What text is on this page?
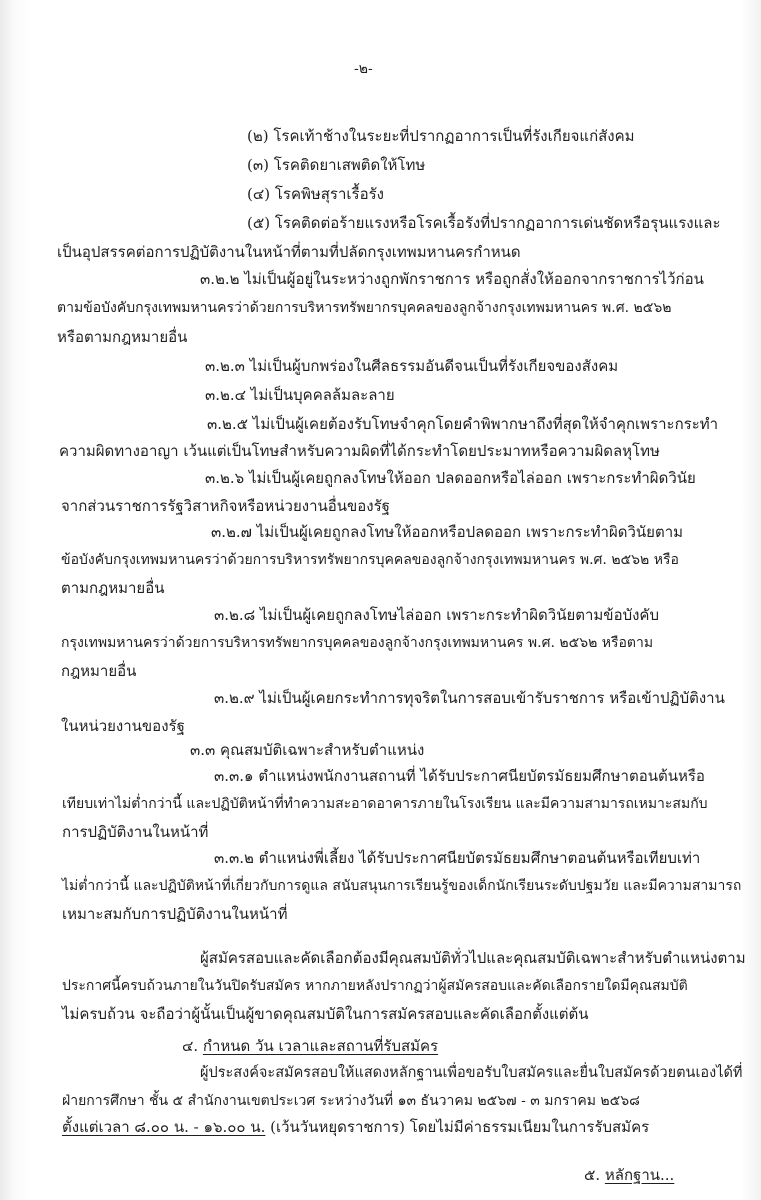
-๒-
(๒) โรคเท้าช้างในระยะที่ปรากฏอาการเป็นที่รังเกียจแก่สังคม
(๓) โรคติดยาเสพติดให้โทษ
(๔) โรคพิษสุราเรื้อรัง
(๕) โรคติดต่อร้ายแรงหรือโรคเรื้อรังที่ปรากฏอาการเด่นชัดหรือรุนแรงและ
เป็นอุปสรรคต่อการปฏิบัติงานในหน้าที่ตามที่ปลัดกรุงเทพมหานครกำหนด
๓.๒.๒ ไม่เป็นผู้อยู่ในระหว่างถูกพักราชการ หรือถูกสั่งให้ออกจากราชการไว้ก่อน
ตามข้อบังคับกรุงเทพมหานครว่าด้วยการบริหารทรัพยากรบุคคลของลูกจ้างกรุงเทพมหานคร พ.ศ. ๒๕๖๒
หรือตามกฎหมายอื่น
๓.๒.๓ ไม่เป็นผู้บกพร่องในศีลธรรมอันดีจนเป็นที่รังเกียจของสังคม
๓.๒.๔ ไม่เป็นบุคคลล้มละลาย
๓.๒.๕ ไม่เป็นผู้เคยต้องรับโทษจำคุกโดยคำพิพากษาถึงที่สุดให้จำคุกเพราะกระทำ
ความผิดทางอาญา เว้นแต่เป็นโทษสำหรับความผิดที่ได้กระทำโดยประมาทหรือความผิดลหุโทษ
๓.๒.๖ ไม่เป็นผู้เคยถูกลงโทษให้ออก ปลดออกหรือไล่ออก เพราะกระทำผิดวินัย
จากส่วนราชการรัฐวิสาหกิจหรือหน่วยงานอื่นของรัฐ
๓.๒.๗ ไม่เป็นผู้เคยถูกลงโทษให้ออกหรือปลดออก เพราะกระทำผิดวินัยตาม
ข้อบังคับกรุงเทพมหานครว่าด้วยการบริหารทรัพยากรบุคคลของลูกจ้างกรุงเทพมหานคร พ.ศ. ๒๕๖๒ หรือ
ตามกฎหมายอื่น
๓.๒.๘ ไม่เป็นผู้เคยถูกลงโทษไล่ออก เพราะกระทำผิดวินัยตามข้อบังคับ
กรุงเทพมหานครว่าด้วยการบริหารทรัพยากรบุคคลของลูกจ้างกรุงเทพมหานคร พ.ศ. ๒๕๖๒ หรือตาม
กฎหมายอื่น
๓.๒.๙ ไม่เป็นผู้เคยกระทำการทุจริตในการสอบเข้ารับราชการ หรือเข้าปฏิบัติงาน
ในหน่วยงานของรัฐ
๓.๓ คุณสมบัติเฉพาะสำหรับตำแหน่ง
๓.๓.๑ ตำแหน่งพนักงานสถานที่ ได้รับประกาศนียบัตรมัธยมศึกษาตอนต้นหรือ
เทียบเท่าไม่ต่ำกว่านี้ และปฏิบัติหน้าที่ทำความสะอาดอาคารภายในโรงเรียน และมีความสามารถเหมาะสมกับ
การปฏิบัติงานในหน้าที่
๓.๓.๒ ตำแหน่งพี่เลี้ยง ได้รับประกาศนียบัตรมัธยมศึกษาตอนต้นหรือเทียบเท่า
ไม่ต่ำกว่านี้ และปฏิบัติหน้าที่เกี่ยวกับการดูแล สนับสนุนการเรียนรู้ของเด็กนักเรียนระดับปฐมวัย และมีความสามารถ
เหมาะสมกับการปฏิบัติงานในหน้าที่
ผู้สมัครสอบและคัดเลือกต้องมีคุณสมบัติทั่วไปและคุณสมบัติเฉพาะสำหรับตำแหน่งตาม
ประกาศนี้ครบถ้วนภายในวันปิดรับสมัคร หากภายหลังปรากฏว่าผู้สมัครสอบและคัดเลือกรายใดมีคุณสมบัติ
ไม่ครบถ้วน จะถือว่าผู้นั้นเป็นผู้ขาดคุณสมบัติในการสมัครสอบและคัดเลือกตั้งแต่ต้น
๔. กำหนด วัน เวลาและสถานที่รับสมัคร
ผู้ประสงค์จะสมัครสอบให้แสดงหลักฐานเพื่อขอรับใบสมัครและยื่นใบสมัครด้วยตนเองได้ที่
ฝ่ายการศึกษา ชั้น ๕ สำนักงานเขตประเวศ ระหว่างวันที่ ๑๓ ธันวาคม ๒๕๖๗ - ๓ มกราคม ๒๕๖๘
ตั้งแต่เวลา ๘.๐๐ น. - ๑๖.๐๐ น. (เว้นวันหยุดราชการ) โดยไม่มีค่าธรรมเนียมในการรับสมัคร
๕. หลักฐาน...
